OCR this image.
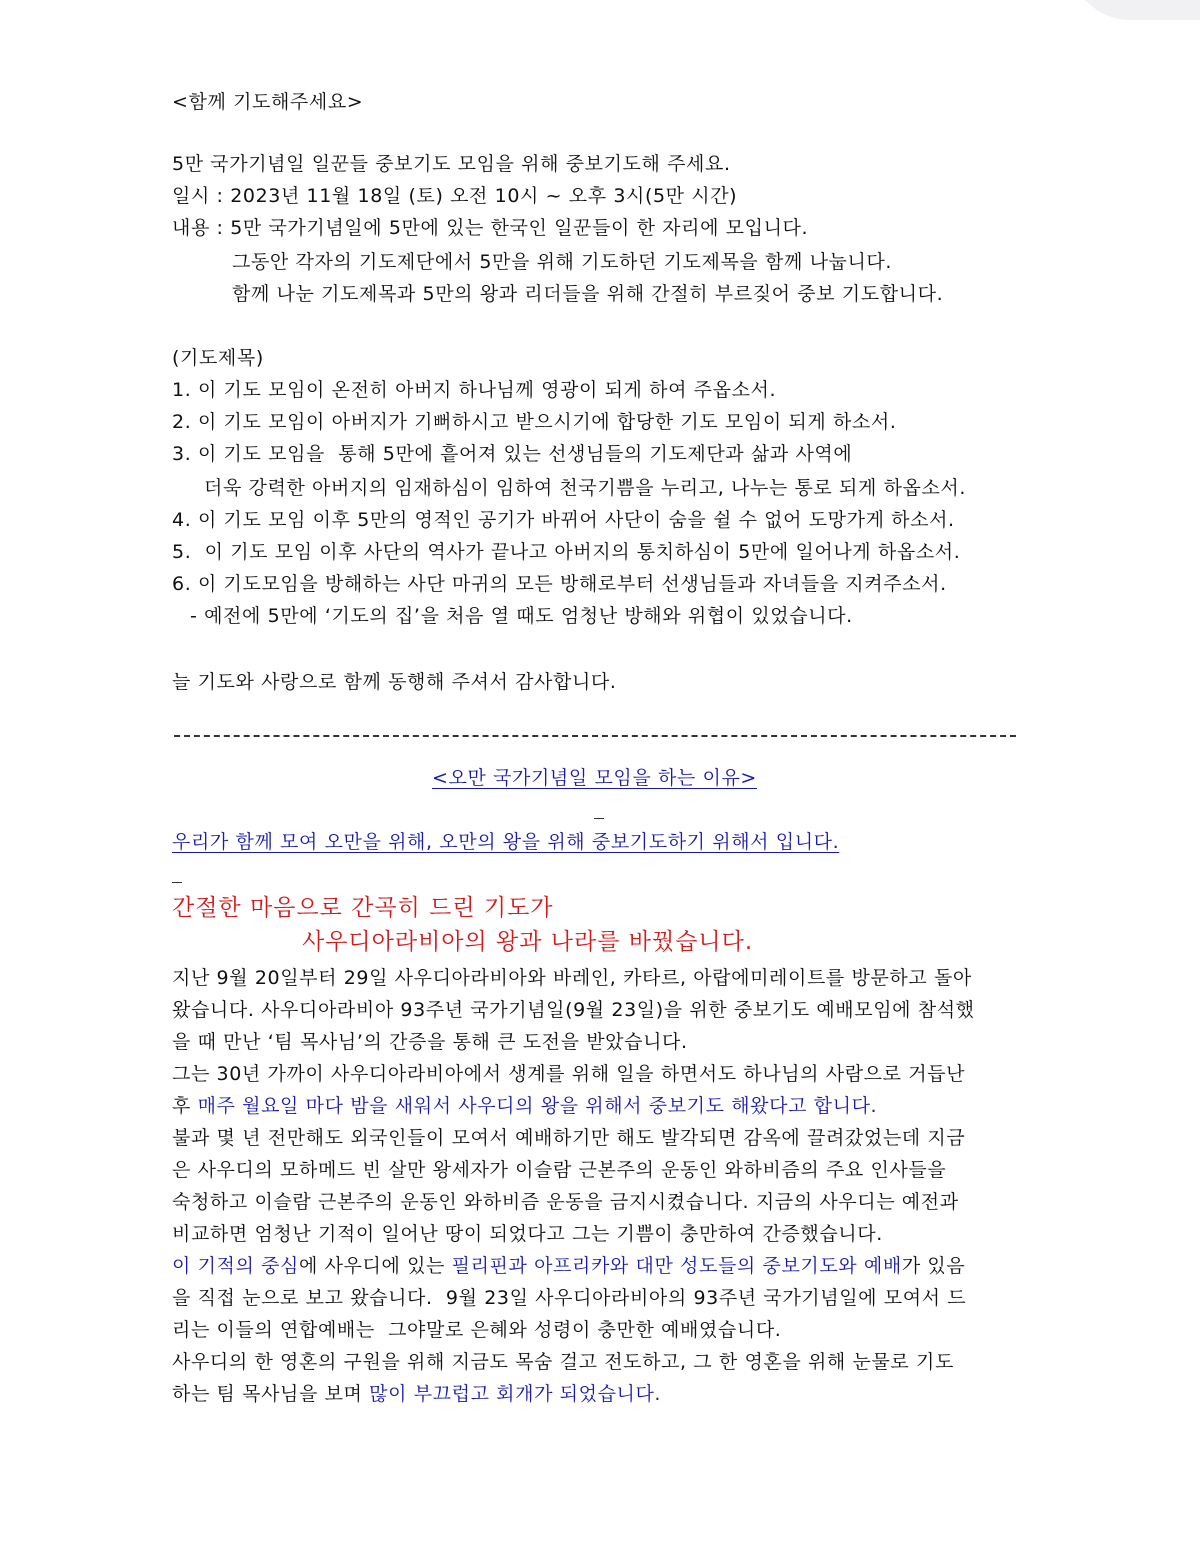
<함께 기도해주세요>

5만 국가기념일 일꾼들 중보기도 모임을 위해 중보기도해 주세요.

일시 : 2023년 11월 18일 (토) 오전 10시 ~ 오후 3시(5만 시간)

내용 : 5만 국가기념일에 5만에 있는 한국인 일꾼들이 한 자리에 모입니다.

그동안 각자의 기도제단에서 5만을 위해 기도하던 기도제목을 함께 나눕니다.

함께 나눈 기도제목과 5만의 왕과 리더들을 위해 간절히 부르짖어 중보 기도합니다.

(기도제목)

1. 이 기도 모임이 온전히 아버지 하나님께 영광이 되게 하여 주옵소서.

2. 이 기도 모임이 아버지가 기뻐하시고 받으시기에 합당한 기도 모임이 되게 하소서.

3. 이 기도 모임을  통해 5만에 흩어져 있는 선생님들의 기도제단과 삶과 사역에

더욱 강력한 아버지의 임재하심이 임하여 천국기쁨을 누리고, 나누는 통로 되게 하옵소서.

4. 이 기도 모임 이후 5만의 영적인 공기가 바뀌어 사단이 숨을 쉴 수 없어 도망가게 하소서.

5.  이 기도 모임 이후 사단의 역사가 끝나고 아버지의 통치하심이 5만에 일어나게 하옵소서.

6. 이 기도모임을 방해하는 사단 마귀의 모든 방해로부터 선생님들과 자녀들을 지켜주소서.

- 예전에 5만에 ‘기도의 집’을 처음 열 때도 엄청난 방해와 위협이 있었습니다.

늘 기도와 사랑으로 함께 동행해 주셔서 감사합니다.

<오만 국가기념일 모임을 하는 이유>

우리가 함께 모여 오만을 위해, 오만의 왕을 위해 중보기도하기 위해서 입니다.

간절한 마음으로 간곡히 드린 기도가

사우디아라비아의 왕과 나라를 바꿨습니다.

지난 9월 20일부터 29일 사우디아라비아와 바레인, 카타르, 아랍에미레이트를 방문하고 돌아

왔습니다. 사우디아라비아 93주년 국가기념일(9월 23일)을 위한 중보기도 예배모임에 참석했

을 때 만난 ‘팀 목사님’의 간증을 통해 큰 도전을 받았습니다.

그는 30년 가까이 사우디아라비아에서 생계를 위해 일을 하면서도 하나님의 사람으로 거듭난

후 매주 월요일 마다 밤을 새워서 사우디의 왕을 위해서 중보기도 해왔다고 합니다.

불과 몇 년 전만해도 외국인들이 모여서 예배하기만 해도 발각되면 감옥에 끌려갔었는데 지금

은 사우디의 모하메드 빈 살만 왕세자가 이슬람 근본주의 운동인 와하비즘의 주요 인사들을

숙청하고 이슬람 근본주의 운동인 와하비즘 운동을 금지시켰습니다. 지금의 사우디는 예전과

비교하면 엄청난 기적이 일어난 땅이 되었다고 그는 기쁨이 충만하여 간증했습니다.

이 기적의 중심에 사우디에 있는 필리핀과 아프리카와 대만 성도들의 중보기도와 예배가 있음

을 직접 눈으로 보고 왔습니다.  9월 23일 사우디아라비아의 93주년 국가기념일에 모여서 드

리는 이들의 연합예배는  그야말로 은혜와 성령이 충만한 예배였습니다.

사우디의 한 영혼의 구원을 위해 지금도 목숨 걸고 전도하고, 그 한 영혼을 위해 눈물로 기도

하는 팀 목사님을 보며 많이 부끄럽고 회개가 되었습니다.
